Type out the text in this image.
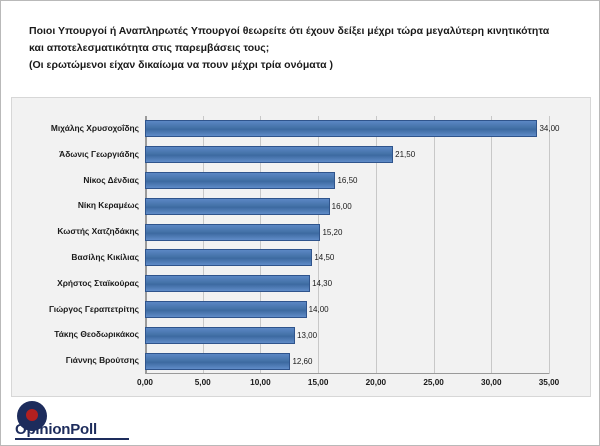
Ποιοι Υπουργοί ή Αναπληρωτές Υπουργοί θεωρείτε ότι έχουν δείξει μέχρι τώρα μεγαλύτερη κινητικότητα
και αποτελεσματικότητα στις παρεμβάσεις τους;
(Οι ερωτώμενοι είχαν δικαίωμα να πουν μέχρι τρία ονόματα )
Μιχάλης Χρυσοχοΐδης	34,00
Άδωνις Γεωργιάδης	21,50
Νίκος Δένδιας	16,50
Νίκη Κεραμέως	16,00
Κωστής Χατζηδάκης	15,20
Βασίλης Κικίλιας	14,50
Χρήστος Σταϊκούρας	14,30
Γιώργος Γεραπετρίτης	14,00
Τάκης Θεοδωρικάκος	13,00
Γιάννης Βρούτσης	12,60
0,00	5,00	10,00	15,00	20,00	25,00	30,00	35,00
OpinionPoll
